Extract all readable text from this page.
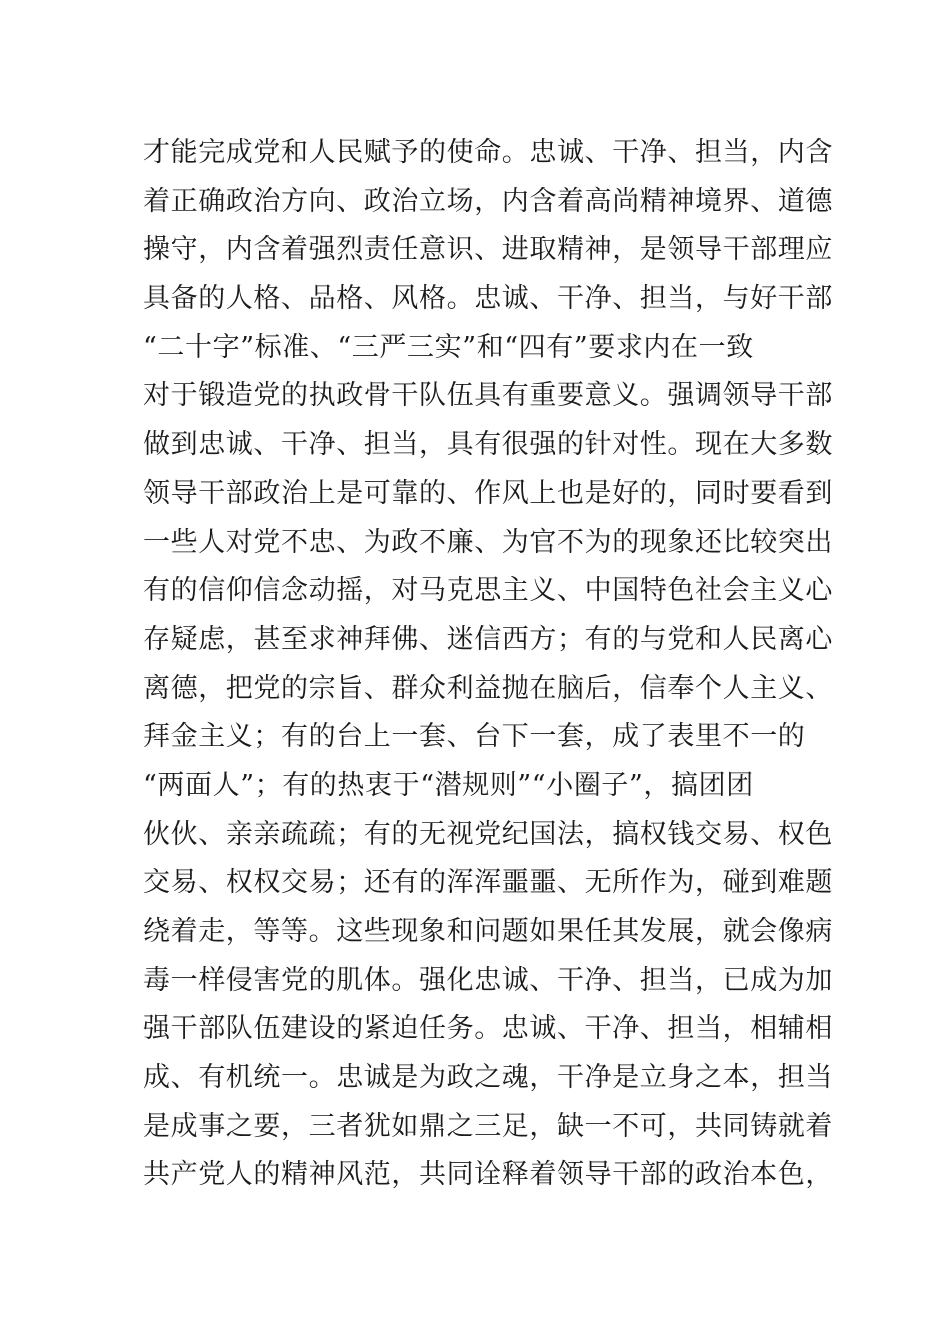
才能完成党和人民赋予的使命。忠诚、干净、担当，内含
着正确政治方向、政治立场，内含着高尚精神境界、道德
操守，内含着强烈责任意识、进取精神，是领导干部理应
具备的人格、品格、风格。忠诚、干净、担当，与好干部
“二十字”标准、“三严三实”和“四有”要求内在一致
对于锻造党的执政骨干队伍具有重要意义。强调领导干部
做到忠诚、干净、担当，具有很强的针对性。现在大多数
领导干部政治上是可靠的、作风上也是好的，同时要看到
一些人对党不忠、为政不廉、为官不为的现象还比较突出
有的信仰信念动摇，对马克思主义、中国特色社会主义心
存疑虑，甚至求神拜佛、迷信西方；有的与党和人民离心
离德，把党的宗旨、群众利益抛在脑后，信奉个人主义、
拜金主义；有的台上一套、台下一套，成了表里不一的
“两面人”；有的热衷于“潜规则”“小圈子”，搞团团
伙伙、亲亲疏疏；有的无视党纪国法，搞权钱交易、权色
交易、权权交易；还有的浑浑噩噩、无所作为，碰到难题
绕着走，等等。这些现象和问题如果任其发展，就会像病
毒一样侵害党的肌体。强化忠诚、干净、担当，已成为加
强干部队伍建设的紧迫任务。忠诚、干净、担当，相辅相
成、有机统一。忠诚是为政之魂，干净是立身之本，担当
是成事之要，三者犹如鼎之三足，缺一不可，共同铸就着
共产党人的精神风范，共同诠释着领导干部的政治本色，
